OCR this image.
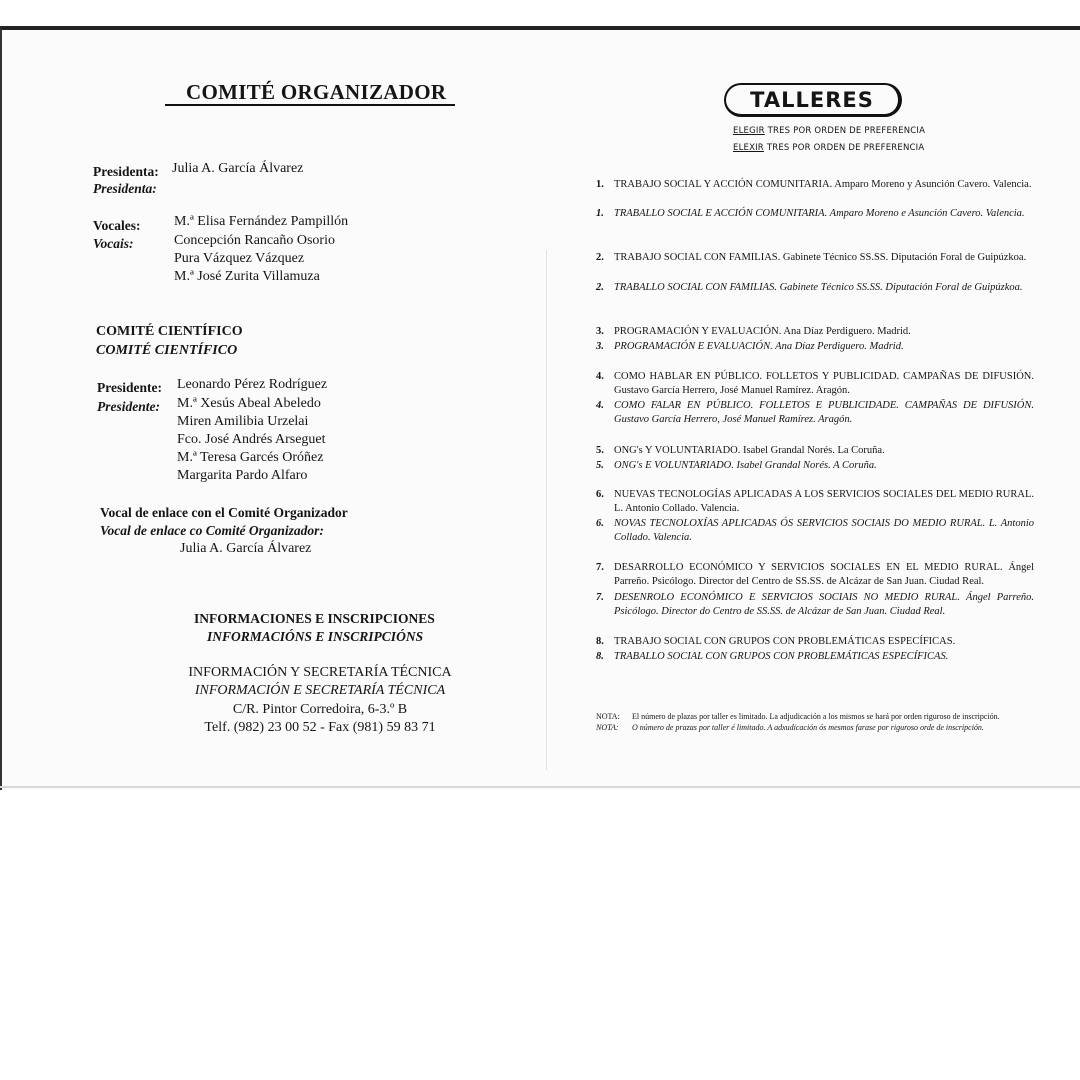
COMITÉ ORGANIZADOR
Presidenta:
Presidenta:
Julia A. García Álvarez
Vocales:
Vocais:
M.ª Elisa Fernández Pampillón
Concepción Rancaño Osorio
Pura Vázquez Vázquez
M.ª José Zurita Villamuza
COMITÉ CIENTÍFICO
COMITÉ CIENTÍFICO
Presidente:
Presidente:
Leonardo Pérez Rodríguez
M.ª Xesús Abeal Abeledo
Miren Amilibia Urzelai
Fco. José Andrés Arseguet
M.ª Teresa Garcés Oróñez
Margarita Pardo Alfaro
Vocal de enlace con el Comité Organizador
Vocal de enlace co Comité Organizador:
Julia A. García Álvarez
INFORMACIONES E INSCRIPCIONES
INFORMACIÓNS E INSCRIPCIÓNS
INFORMACIÓN Y SECRETARÍA TÉCNICA
INFORMACIÓN E SECRETARÍA TÉCNICA
C/R. Pintor Corredoira, 6-3.º B
Telf. (982) 23 00 52 - Fax (981) 59 83 71
TALLERES
ELEGIR TRES POR ORDEN DE PREFERENCIA
ELEXIR TRES POR ORDEN DE PREFERENCIA
1. TRABAJO SOCIAL Y ACCIÓN COMUNITARIA. Amparo Moreno y Asunción Cavero. Valencia.
1. TRABALLO SOCIAL E ACCIÓN COMUNITARIA. Amparo Moreno e Asunción Cavero. Valencia.
2. TRABAJO SOCIAL CON FAMILIAS. Gabinete Técnico SS.SS. Diputación Foral de Guipúzkoa.
2. TRABALLO SOCIAL CON FAMILIAS. Gabinete Técnico SS.SS. Diputación Foral de Guipúzkoa.
3. PROGRAMACIÓN Y EVALUACIÓN. Ana Díaz Perdiguero. Madrid.
3. PROGRAMACIÓN E EVALUACIÓN. Ana Díaz Perdiguero. Madrid.
4. COMO HABLAR EN PÚBLICO. FOLLETOS Y PUBLICIDAD. CAMPAÑAS DE DIFUSIÓN. Gustavo García Herrero, José Manuel Ramírez. Aragón.
4. COMO FALAR EN PÚBLICO. FOLLETOS E PUBLICIDADE. CAMPAÑAS DE DIFUSIÓN. Gustavo García Herrero, José Manuel Ramírez. Aragón.
5. ONG's Y VOLUNTARIADO. Isabel Grandal Norés. La Coruña.
5. ONG's E VOLUNTARIADO. Isabel Grandal Norés. A Coruña.
6. NUEVAS TECNOLOGÍAS APLICADAS A LOS SERVICIOS SOCIALES DEL MEDIO RURAL. L. Antonio Collado. Valencia.
6. NOVAS TECNOLOXÍAS APLICADAS ÓS SERVICIOS SOCIAIS DO MEDIO RURAL. L. Antonio Collado. Valencia.
7. DESARROLLO ECONÓMICO Y SERVICIOS SOCIALES EN EL MEDIO RURAL. Ángel Parreño. Psicólogo. Director del Centro de SS.SS. de Alcázar de San Juan. Ciudad Real.
7. DESENROLO ECONÓMICO E SERVICIOS SOCIAIS NO MEDIO RURAL. Ángel Parreño. Psicólogo. Director do Centro de SS.SS. de Alcázar de San Juan. Ciudad Real.
8. TRABAJO SOCIAL CON GRUPOS CON PROBLEMÁTICAS ESPECÍFICAS.
8. TRABALLO SOCIAL CON GRUPOS CON PROBLEMÁTICAS ESPECÍFICAS.
NOTA: El número de plazas por taller es limitado. La adjudicación a los mismos se hará por orden riguroso de inscripción.
NOTA: O número de prazas por taller é limitado. A adxudicación ós mesmos farase por riguroso orde de inscripción.
